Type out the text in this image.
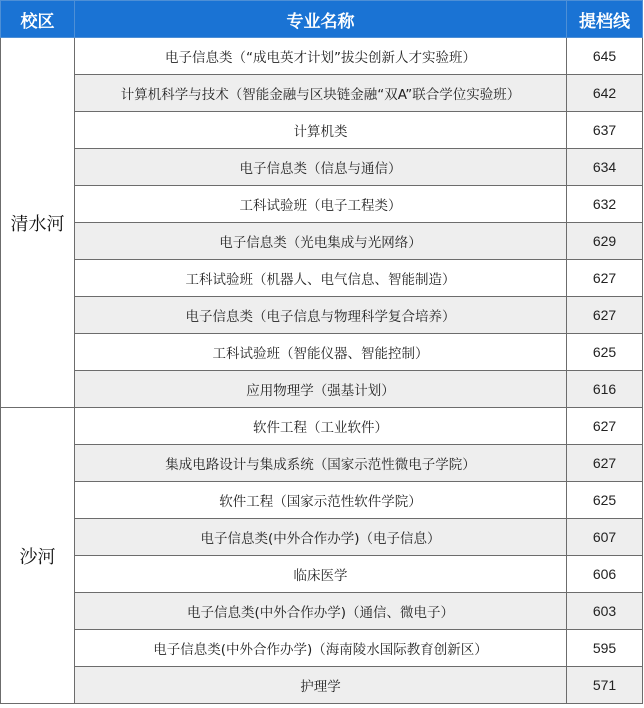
校区	专业名称	提档线
清水河	电子信息类（“成电英才计划”拔尖创新人才实验班）	645
	计算机科学与技术（智能金融与区块链金融“双A”联合学位实验班）	642
	计算机类	637
	电子信息类（信息与通信）	634
	工科试验班（电子工程类）	632
	电子信息类（光电集成与光网络）	629
	工科试验班（机器人、电气信息、智能制造）	627
	电子信息类（电子信息与物理科学复合培养）	627
	工科试验班（智能仪器、智能控制）	625
	应用物理学（强基计划）	616
沙河	软件工程（工业软件）	627
	集成电路设计与集成系统（国家示范性微电子学院）	627
	软件工程（国家示范性软件学院）	625
	电子信息类(中外合作办学)（电子信息）	607
	临床医学	606
	电子信息类(中外合作办学)（通信、微电子）	603
	电子信息类(中外合作办学)（海南陵水国际教育创新区）	595
	护理学	571
